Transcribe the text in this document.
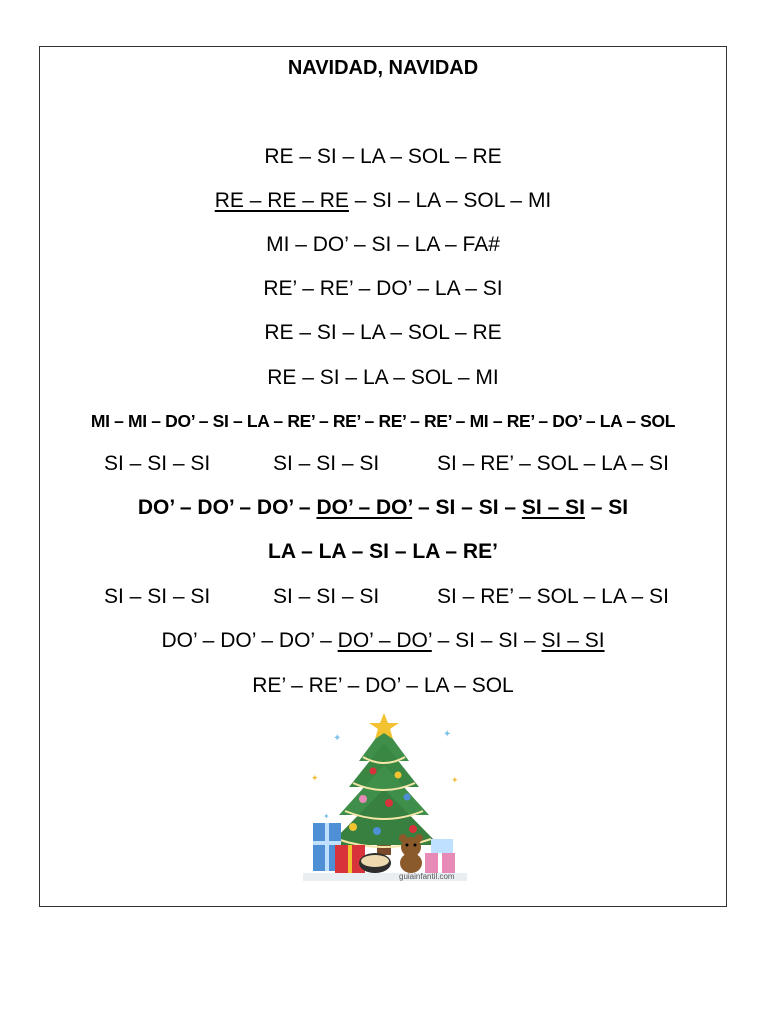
NAVIDAD, NAVIDAD
RE – SI – LA – SOL – RE
RE – RE – RE – SI – LA – SOL – MI
MI – DO’ – SI – LA – FA#
RE’ – RE’ – DO’ – LA – SI
RE – SI – LA – SOL – RE
RE – SI – LA – SOL – MI
MI – MI – DO’ – SI – LA – RE’ – RE’ – RE’ – RE’ – MI – RE’ – DO’ – LA – SOL
SI – SI – SI	SI – SI – SI	SI – RE’ – SOL – LA – SI
DO’ – DO’ – DO’ – DO’ – DO’ – SI – SI – SI – SI – SI
LA – LA – SI – LA – RE’
SI – SI – SI	SI – SI – SI	SI – RE’ – SOL – LA – SI
DO’ – DO’ – DO’ – DO’ – DO’ – SI – SI – SI – SI
RE’ – RE’ – DO’ – LA – SOL
✦	✦
✦	✦
✦
guiainfantil.com
